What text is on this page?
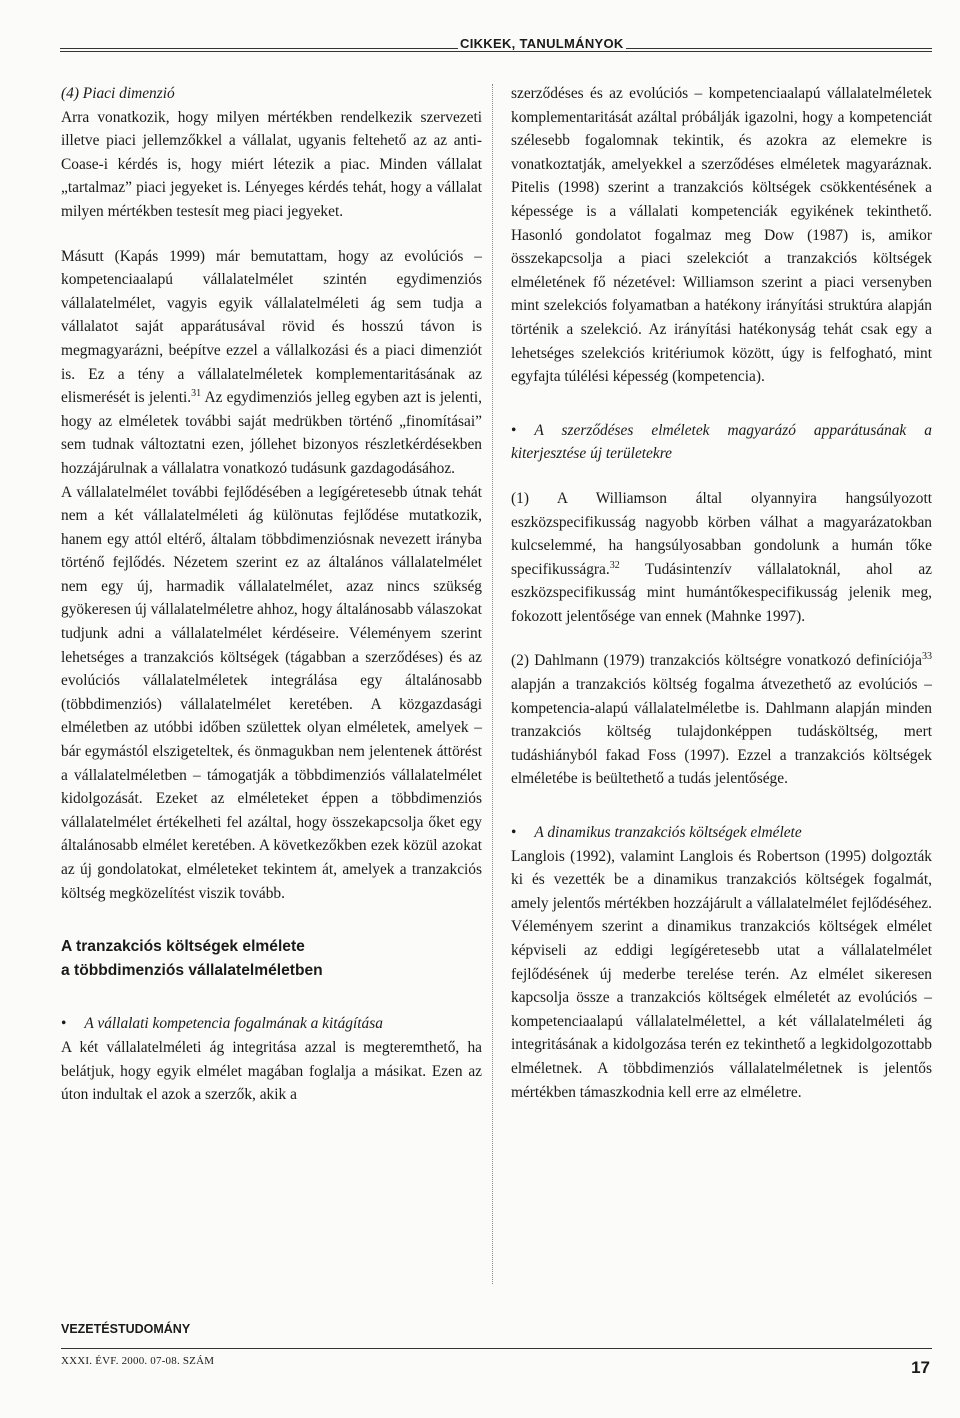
CIKKEK, TANULMÁNYOK

(4) Piaci dimenzió

Arra vonatkozik, hogy milyen mértékben rendelkezik szervezeti illetve piaci jellemzőkkel a vállalat, ugyanis feltehető az az anti-Coase-i kérdés is, hogy miért létezik a piac. Minden vállalat „tartalmaz” piaci jegyeket is. Lényeges kérdés tehát, hogy a vállalat milyen mértékben testesít meg piaci jegyeket.

Másutt (Kapás 1999) már bemutattam, hogy az evolúciós – kompetenciaalapú vállalatelmélet szintén egydimenziós vállalatelmélet, vagyis egyik vállalatelméleti ág sem tudja a vállalatot saját apparátusával rövid és hosszú távon is megmagyarázni, beépítve ezzel a vállalkozási és a piaci dimenziót is. Ez a tény a vállalatelméletek komplementaritásának az elismerését is jelenti.$^{31}$ Az egydimenziós jelleg egyben azt is jelenti, hogy az elméletek további saját medrükben történő „finomításai” sem tudnak változtatni ezen, jóllehet bizonyos részletkérdésekben hozzájárulnak a vállalatra vonatkozó tudásunk gazdagodásához.

A vállalatelmélet további fejlődésében a legígéretesebb útnak tehát nem a két vállalatelméleti ág különutas fejlődése mutatkozik, hanem egy attól eltérő, általam többdimenziósnak nevezett irányba történő fejlődés. Nézetem szerint ez az általános vállalatelmélet nem egy új, harmadik vállalatelmélet, azaz nincs szükség gyökeresen új vállalatelméletre ahhoz, hogy általánosabb válaszokat tudjunk adni a vállalatelmélet kérdéseire. Véleményem szerint lehetséges a tranzakciós költségek (tágabban a szerződéses) és az evolúciós vállalatelméletek integrálása egy általánosabb (többdimenziós) vállalatelmélet keretében. A közgazdasági elméletben az utóbbi időben születtek olyan elméletek, amelyek – bár egymástól elszigeteltek, és önmagukban nem jelentenek áttörést a vállalatelméletben – támogatják a többdimenziós vállalatelmélet kidolgozását. Ezeket az elméleteket éppen a többdimenziós vállalatelmélet értékelheti fel azáltal, hogy összekapcsolja őket egy általánosabb elmélet keretében. A következőkben ezek közül azokat az új gondolatokat, elméleteket tekintem át, amelyek a tranzakciós költség megközelítést viszik tovább.

A tranzakciós költségek elmélete

a többdimenziós vállalatelméletben

• A vállalati kompetencia fogalmának a kitágítása

A két vállalatelméleti ág integritása azzal is megteremthető, ha belátjuk, hogy egyik elmélet magában foglalja a másikat. Ezen az úton indultak el azok a szerzők, akik a

szerződéses és az evolúciós – kompetenciaalapú vállalatelméletek komplementaritását azáltal próbálják igazolni, hogy a kompetenciát szélesebb fogalomnak tekintik, és azokra az elemekre is vonatkoztatják, amelyekkel a szerződéses elméletek magyaráznak. Pitelis (1998) szerint a tranzakciós költségek csökkentésének a képessége is a vállalati kompetenciák egyikének tekinthető. Hasonló gondolatot fogalmaz meg Dow (1987) is, amikor összekapcsolja a piaci szelekciót a tranzakciós költségek elméletének fő nézetével: Williamson szerint a piaci versenyben mint szelekciós folyamatban a hatékony irányítási struktúra alapján történik a szelekció. Az irányítási hatékonyság tehát csak egy a lehetséges szelekciós kritériumok között, úgy is felfogható, mint egyfajta túlélési képesség (kompetencia).

• A szerződéses elméletek magyarázó apparátusának a kiterjesztése új területekre

(1) A Williamson által olyannyira hangsúlyozott eszközspecifikusság nagyobb körben válhat a magyarázatokban kulcselemmé, ha hangsúlyosabban gondolunk a humán tőke specifikusságra.$^{32}$ Tudásintenzív vállalatoknál, ahol az eszközspecifikusság mint humántőkespecifikusság jelenik meg, fokozott jelentősége van ennek (Mahnke 1997).

(2) Dahlmann (1979) tranzakciós költségre vonatkozó definíciója$^{33}$ alapján a tranzakciós költség fogalma átvezethető az evolúciós – kompetencia-alapú vállalatelméletbe is. Dahlmann alapján minden tranzakciós költség tulajdonképpen tudásköltség, mert tudáshiányból fakad Foss (1997). Ezzel a tranzakciós költségek elméletébe is beültethető a tudás jelentősége.

• A dinamikus tranzakciós költségek elmélete

Langlois (1992), valamint Langlois és Robertson (1995) dolgozták ki és vezették be a dinamikus tranzakciós költségek fogalmát, amely jelentős mértékben hozzájárult a vállalatelmélet fejlődéséhez. Véleményem szerint a dinamikus tranzakciós költségek elmélet képviseli az eddigi legígéretesebb utat a vállalatelmélet fejlődésének új mederbe terelése terén. Az elmélet sikeresen kapcsolja össze a tranzakciós költségek elméletét az evolúciós – kompetenciaalapú vállalatelmélettel, a két vállalatelméleti ág integritásának a kidolgozása terén ez tekinthető a legkidolgozottabb elméletnek. A többdimenziós vállalatelméletnek is jelentős mértékben támaszkodnia kell erre az elméletre.

VEZETÉSTUDOMÁNY
XXXI. ÉVF. 2000. 07-08. SZÁM	17
